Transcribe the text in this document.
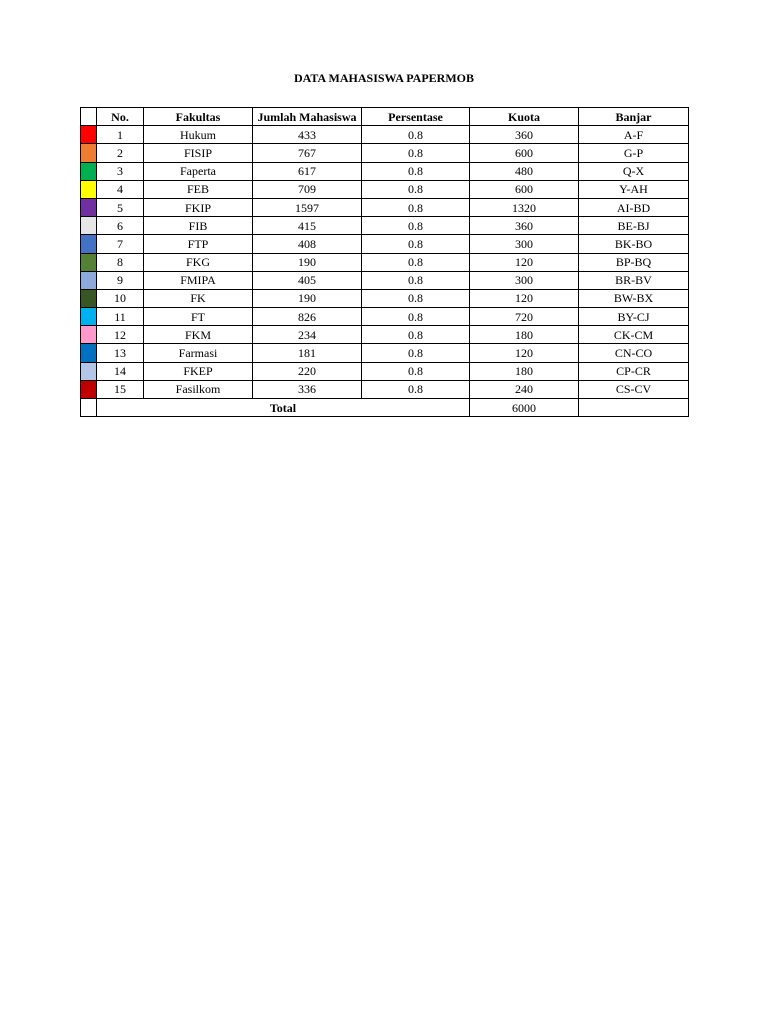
DATA MAHASISWA PAPERMOB
	No.	Fakultas	Jumlah Mahasiswa	Persentase	Kuota	Banjar
	1	Hukum	433	0.8	360	A-F
	2	FISIP	767	0.8	600	G-P
	3	Faperta	617	0.8	480	Q-X
	4	FEB	709	0.8	600	Y-AH
	5	FKIP	1597	0.8	1320	AI-BD
	6	FIB	415	0.8	360	BE-BJ
	7	FTP	408	0.8	300	BK-BO
	8	FKG	190	0.8	120	BP-BQ
	9	FMIPA	405	0.8	300	BR-BV
	10	FK	190	0.8	120	BW-BX
	11	FT	826	0.8	720	BY-CJ
	12	FKM	234	0.8	180	CK-CM
	13	Farmasi	181	0.8	120	CN-CO
	14	FKEP	220	0.8	180	CP-CR
	15	Fasilkom	336	0.8	240	CS-CV
	Total				6000	
